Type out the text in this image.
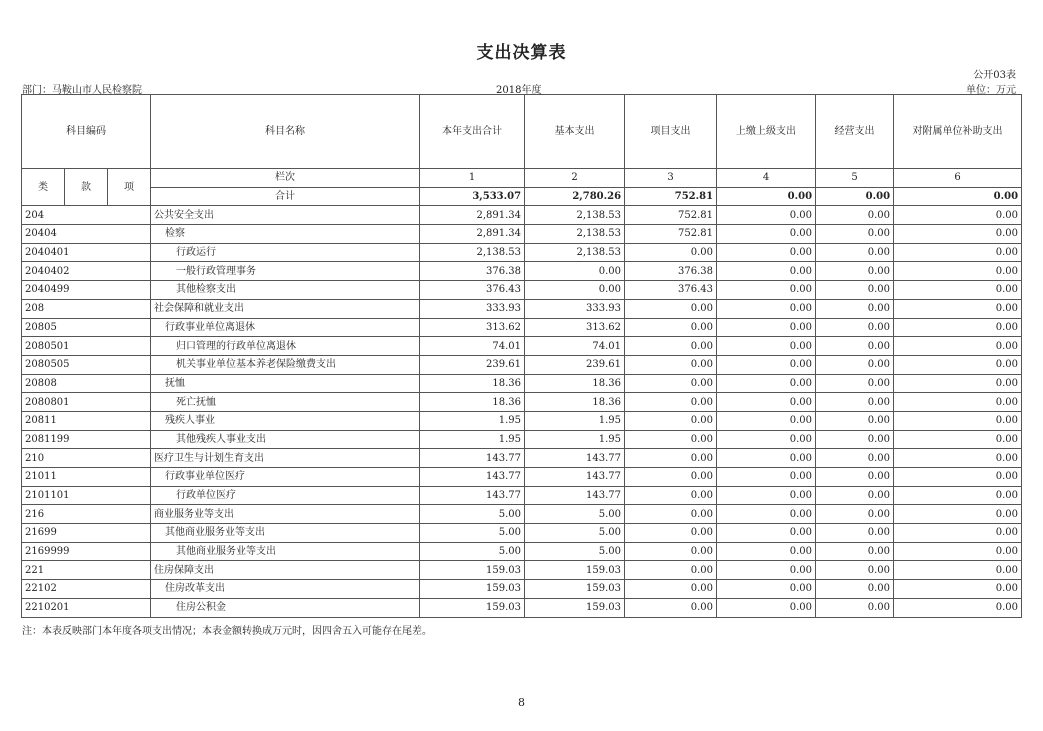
支出决算表
公开03表
部门：马鞍山市人民检察院	2018年度	单位：万元
科目编码			科目名称	本年支出合计	基本支出	项目支出	上缴上级支出	经营支出	对附属单位补助支出
类	款	项	栏次	1	2	3	4	5	6
			合计	3,533.07	2,780.26	752.81	0.00	0.00	0.00
204			公共安全支出	2,891.34	2,138.53	752.81	0.00	0.00	0.00
20404			检察	2,891.34	2,138.53	752.81	0.00	0.00	0.00
2040401			行政运行	2,138.53	2,138.53	0.00	0.00	0.00	0.00
2040402			一般行政管理事务	376.38	0.00	376.38	0.00	0.00	0.00
2040499			其他检察支出	376.43	0.00	376.43	0.00	0.00	0.00
208			社会保障和就业支出	333.93	333.93	0.00	0.00	0.00	0.00
20805			行政事业单位离退休	313.62	313.62	0.00	0.00	0.00	0.00
2080501			归口管理的行政单位离退休	74.01	74.01	0.00	0.00	0.00	0.00
2080505			机关事业单位基本养老保险缴费支出	239.61	239.61	0.00	0.00	0.00	0.00
20808			抚恤	18.36	18.36	0.00	0.00	0.00	0.00
2080801			死亡抚恤	18.36	18.36	0.00	0.00	0.00	0.00
20811			残疾人事业	1.95	1.95	0.00	0.00	0.00	0.00
2081199			其他残疾人事业支出	1.95	1.95	0.00	0.00	0.00	0.00
210			医疗卫生与计划生育支出	143.77	143.77	0.00	0.00	0.00	0.00
21011			行政事业单位医疗	143.77	143.77	0.00	0.00	0.00	0.00
2101101			行政单位医疗	143.77	143.77	0.00	0.00	0.00	0.00
216			商业服务业等支出	5.00	5.00	0.00	0.00	0.00	0.00
21699			其他商业服务业等支出	5.00	5.00	0.00	0.00	0.00	0.00
2169999			其他商业服务业等支出	5.00	5.00	0.00	0.00	0.00	0.00
221			住房保障支出	159.03	159.03	0.00	0.00	0.00	0.00
22102			住房改革支出	159.03	159.03	0.00	0.00	0.00	0.00
2210201			住房公积金	159.03	159.03	0.00	0.00	0.00	0.00
注：本表反映部门本年度各项支出情况；本表金额转换成万元时，因四舍五入可能存在尾差。
8
